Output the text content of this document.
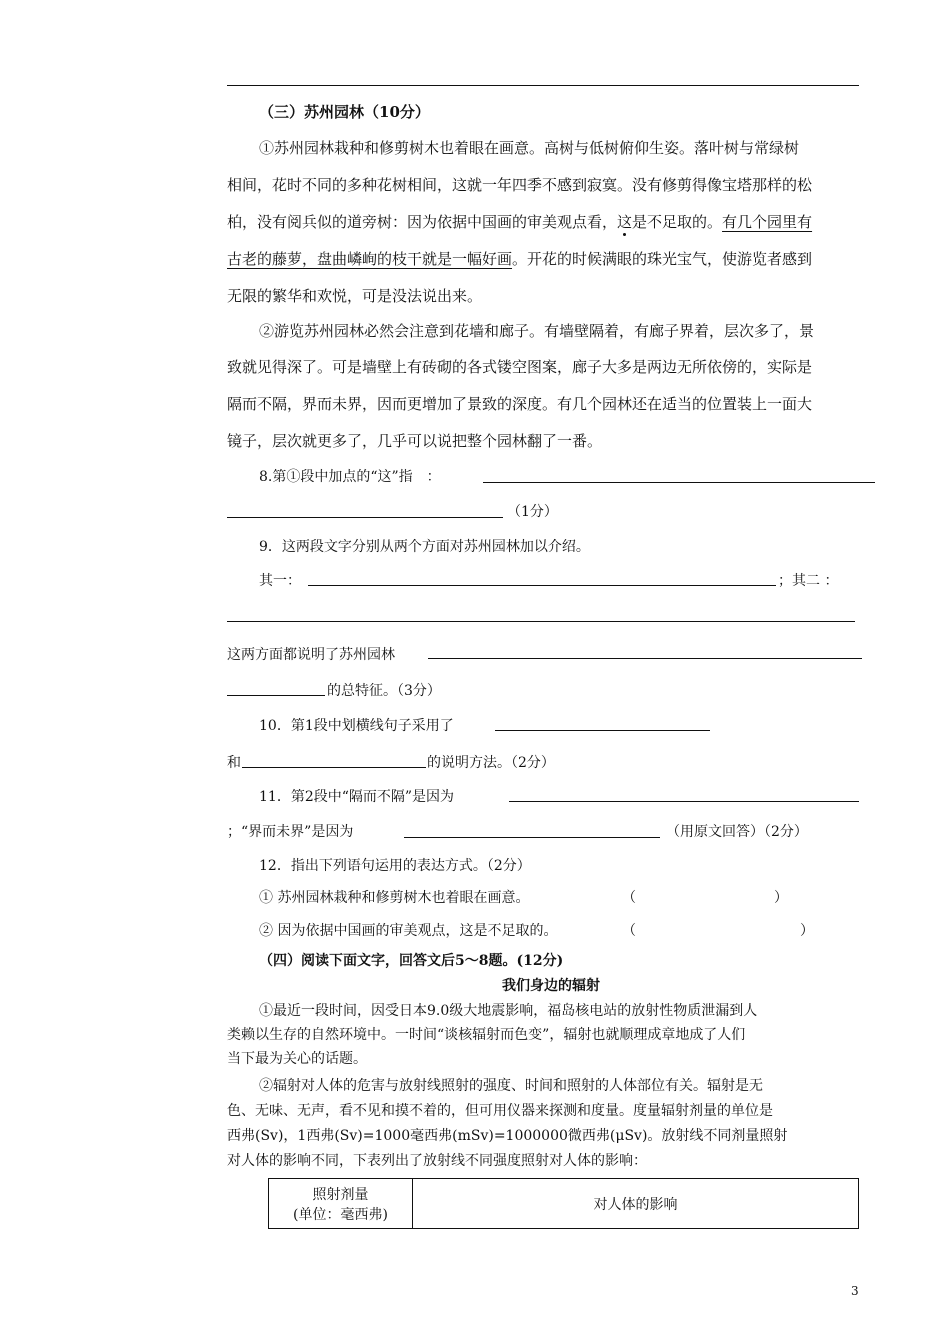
（三）苏州园林（10分）
①苏州园林栽种和修剪树木也着眼在画意。高树与低树俯仰生姿。落叶树与常绿树
相间，花时不同的多种花树相间，这就一年四季不感到寂寞。没有修剪得像宝塔那样的松
柏，没有阅兵似的道旁树：因为依据中国画的审美观点看，这是不足取的。有几个园里有
古老的藤萝，盘曲嶙峋的枝干就是一幅好画。开花的时候满眼的珠光宝气，使游览者感到
无限的繁华和欢悦，可是没法说出来。
②游览苏州园林必然会注意到花墙和廊子。有墙壁隔着，有廊子界着，层次多了，景
致就见得深了。可是墙壁上有砖砌的各式镂空图案，廊子大多是两边无所依傍的，实际是
隔而不隔，界而未界，因而更增加了景致的深度。有几个园林还在适当的位置装上一面大
镜子，层次就更多了，几乎可以说把整个园林翻了一番。
8.第①段中加点的“这”指　：
（1分）
9．这两段文字分别从两个方面对苏州园林加以介绍。
其一：	；其二 ：
这两方面都说明了苏州园林
的总特征。（3分）
10．第1段中划横线句子采用了
和	的说明方法。（2分）
11．第2段中“隔而不隔”是因为
；“界而未界”是因为	（用原文回答）（2分）
12．指出下列语句运用的表达方式。（2分）
① 苏州园林栽种和修剪树木也着眼在画意。	（	）
② 因为依据中国画的审美观点，这是不足取的。	（	）
（四）阅读下面文字，回答文后5～8题。(12分)
我们身边的辐射
①最近一段时间，因受日本9.0级大地震影响，福岛核电站的放射性物质泄漏到人
类赖以生存的自然环境中。一时间“谈核辐射而色变”，辐射也就顺理成章地成了人们
当下最为关心的话题。
②辐射对人体的危害与放射线照射的强度、时间和照射的人体部位有关。辐射是无
色、无味、无声，看不见和摸不着的，但可用仪器来探测和度量。度量辐射剂量的单位是
西弗(Sv)，1西弗(Sv)=1000毫西弗(mSv)=1000000微西弗(μSv)。放射线不同剂量照射
对人体的影响不同，下表列出了放射线不同强度照射对人体的影响：
照射剂量
(单位：毫西弗)
	对人体的影响
3
